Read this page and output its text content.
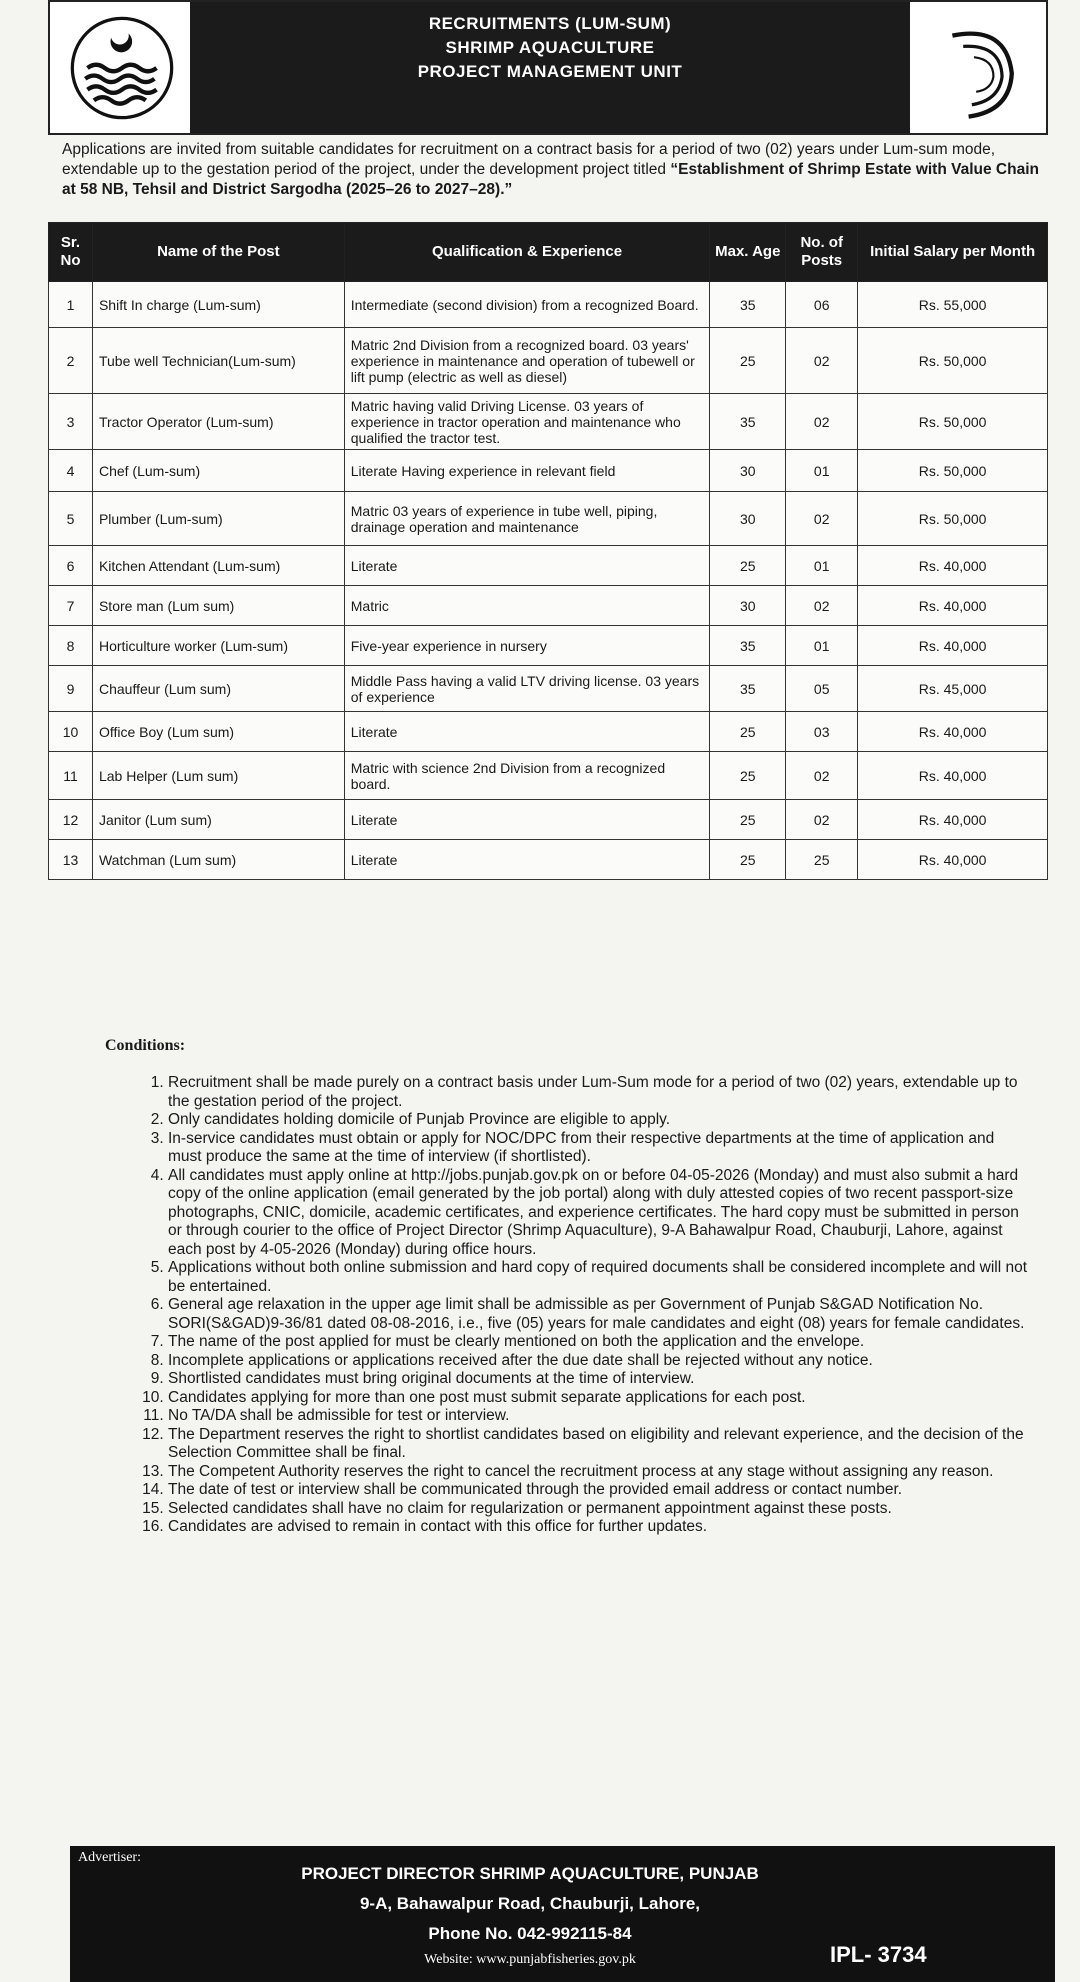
RECRUITMENTS (LUM-SUM)
SHRIMP AQUACULTURE
PROJECT MANAGEMENT UNIT
Applications are invited from suitable candidates for recruitment on a contract basis for a period of two (02) years under Lum-sum mode, extendable up to the gestation period of the project, under the development project titled “Establishment of Shrimp Estate with Value Chain at 58 NB, Tehsil and District Sargodha (2025–26 to 2027–28).”
Sr. No	Name of the Post	Qualification & Experience	Max. Age	No. of Posts	Initial Salary per Month
1	Shift In charge (Lum-sum)	Intermediate (second division) from a recognized Board.	35	06	Rs. 55,000
2	Tube well Technician(Lum-sum)	Matric 2nd Division from a recognized board. 03 years' experience in maintenance and operation of tubewell or lift pump (electric as well as diesel)	25	02	Rs. 50,000
3	Tractor Operator (Lum-sum)	Matric having valid Driving License. 03 years of experience in tractor operation and maintenance who qualified the tractor test.	35	02	Rs. 50,000
4	Chef (Lum-sum)	Literate Having experience in relevant field	30	01	Rs. 50,000
5	Plumber (Lum-sum)	Matric 03 years of experience in tube well, piping, drainage operation and maintenance	30	02	Rs. 50,000
6	Kitchen Attendant (Lum-sum)	Literate	25	01	Rs. 40,000
7	Store man (Lum sum)	Matric	30	02	Rs. 40,000
8	Horticulture worker (Lum-sum)	Five-year experience in nursery	35	01	Rs. 40,000
9	Chauffeur (Lum sum)	Middle Pass having a valid LTV driving license. 03 years of experience	35	05	Rs. 45,000
10	Office Boy (Lum sum)	Literate	25	03	Rs. 40,000
11	Lab Helper (Lum sum)	Matric with science 2nd Division from a recognized board.	25	02	Rs. 40,000
12	Janitor (Lum sum)	Literate	25	02	Rs. 40,000
13	Watchman (Lum sum)	Literate	25	25	Rs. 40,000
Conditions:
1. Recruitment shall be made purely on a contract basis under Lum-Sum mode for a period of two (02) years, extendable up to the gestation period of the project.
2. Only candidates holding domicile of Punjab Province are eligible to apply.
3. In-service candidates must obtain or apply for NOC/DPC from their respective departments at the time of application and must produce the same at the time of interview (if shortlisted).
4. All candidates must apply online at http://jobs.punjab.gov.pk on or before 04-05-2026 (Monday) and must also submit a hard copy of the online application (email generated by the job portal) along with duly attested copies of two recent passport-size photographs, CNIC, domicile, academic certificates, and experience certificates. The hard copy must be submitted in person or through courier to the office of Project Director (Shrimp Aquaculture), 9-A Bahawalpur Road, Chauburji, Lahore, against each post by 4-05-2026 (Monday) during office hours.
5. Applications without both online submission and hard copy of required documents shall be considered incomplete and will not be entertained.
6. General age relaxation in the upper age limit shall be admissible as per Government of Punjab S&GAD Notification No. SORI(S&GAD)9-36/81 dated 08-08-2016, i.e., five (05) years for male candidates and eight (08) years for female candidates.
7. The name of the post applied for must be clearly mentioned on both the application and the envelope.
8. Incomplete applications or applications received after the due date shall be rejected without any notice.
9. Shortlisted candidates must bring original documents at the time of interview.
10. Candidates applying for more than one post must submit separate applications for each post.
11. No TA/DA shall be admissible for test or interview.
12. The Department reserves the right to shortlist candidates based on eligibility and relevant experience, and the decision of the Selection Committee shall be final.
13. The Competent Authority reserves the right to cancel the recruitment process at any stage without assigning any reason.
14. The date of test or interview shall be communicated through the provided email address or contact number.
15. Selected candidates shall have no claim for regularization or permanent appointment against these posts.
16. Candidates are advised to remain in contact with this office for further updates.
Advertiser:
PROJECT DIRECTOR SHRIMP AQUACULTURE, PUNJAB
9-A, Bahawalpur Road, Chauburji, Lahore,
Phone No. 042-992115-84
Website: www.punjabfisheries.gov.pk	IPL- 3734
